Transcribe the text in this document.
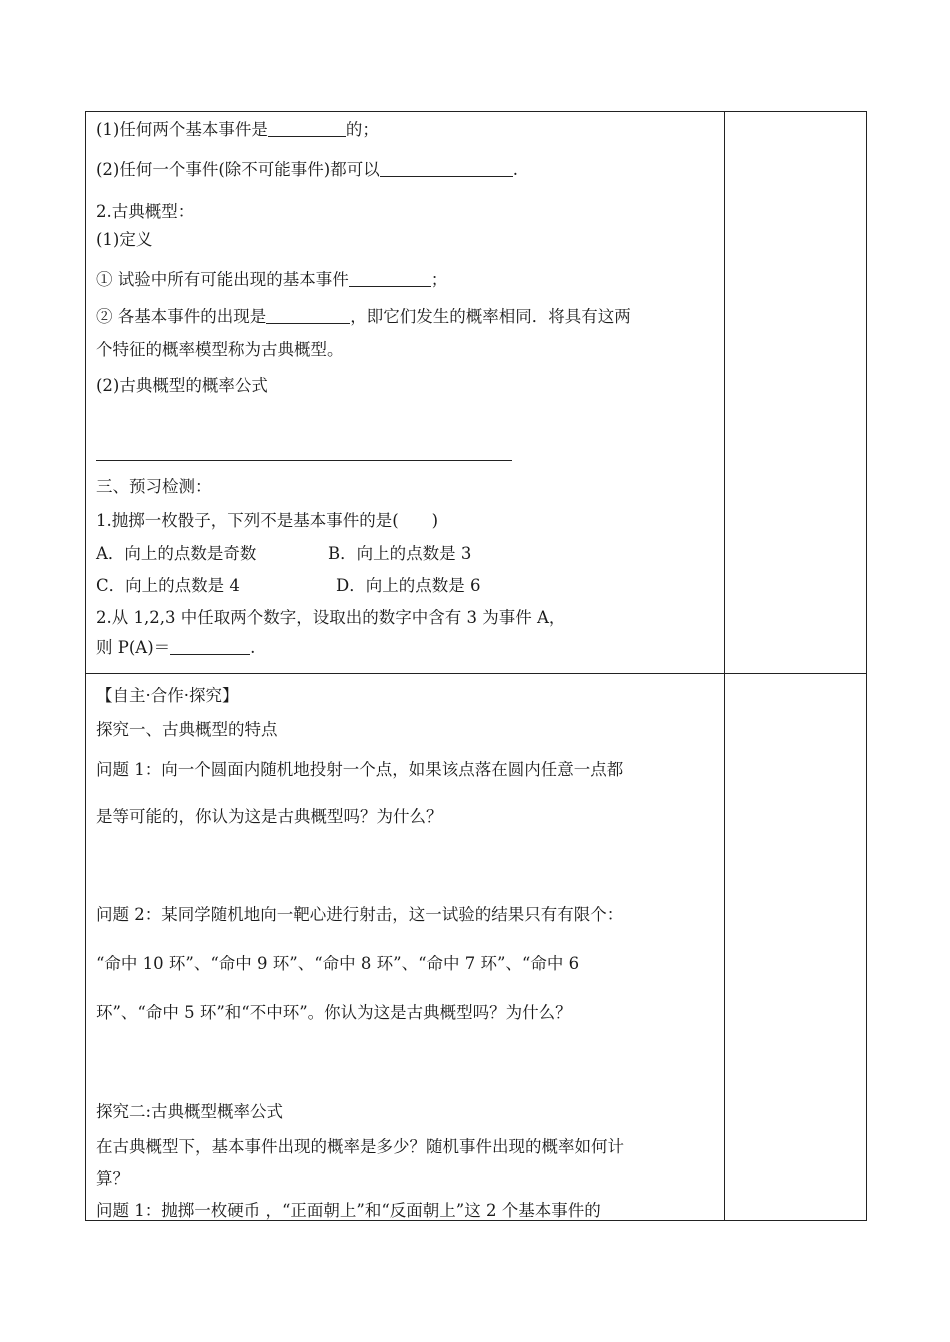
(1)任何两个基本事件是	的；
(2)任何一个事件(除不可能事件)都可以	.
2.古典概型：
(1)定义
① 试验中所有可能出现的基本事件	；
② 各基本事件的出现是	，即它们发生的概率相同．将具有这两
个特征的概率模型称为古典概型。
(2)古典概型的概率公式
三、预习检测：
1.抛掷一枚骰子，下列不是基本事件的是(　　)
A．向上的点数是奇数	B．向上的点数是 3
C．向上的点数是 4	D．向上的点数是 6
2.从 1,2,3 中任取两个数字，设取出的数字中含有 3 为事件 A，
则 P(A)＝	.
【自主·合作·探究】
探究一、古典概型的特点
问题 1：向一个圆面内随机地投射一个点，如果该点落在圆内任意一点都
是等可能的，你认为这是古典概型吗？为什么？
问题 2：某同学随机地向一靶心进行射击，这一试验的结果只有有限个：
“命中 10 环”、“命中 9 环”、“命中 8 环”、“命中 7 环”、“命中 6
环”、“命中 5 环”和“不中环”。你认为这是古典概型吗？为什么？
探究二:古典概型概率公式
在古典概型下，基本事件出现的概率是多少？随机事件出现的概率如何计
算？
问题 1：抛掷一枚硬币 ，“正面朝上”和“反面朝上”这 2 个基本事件的
